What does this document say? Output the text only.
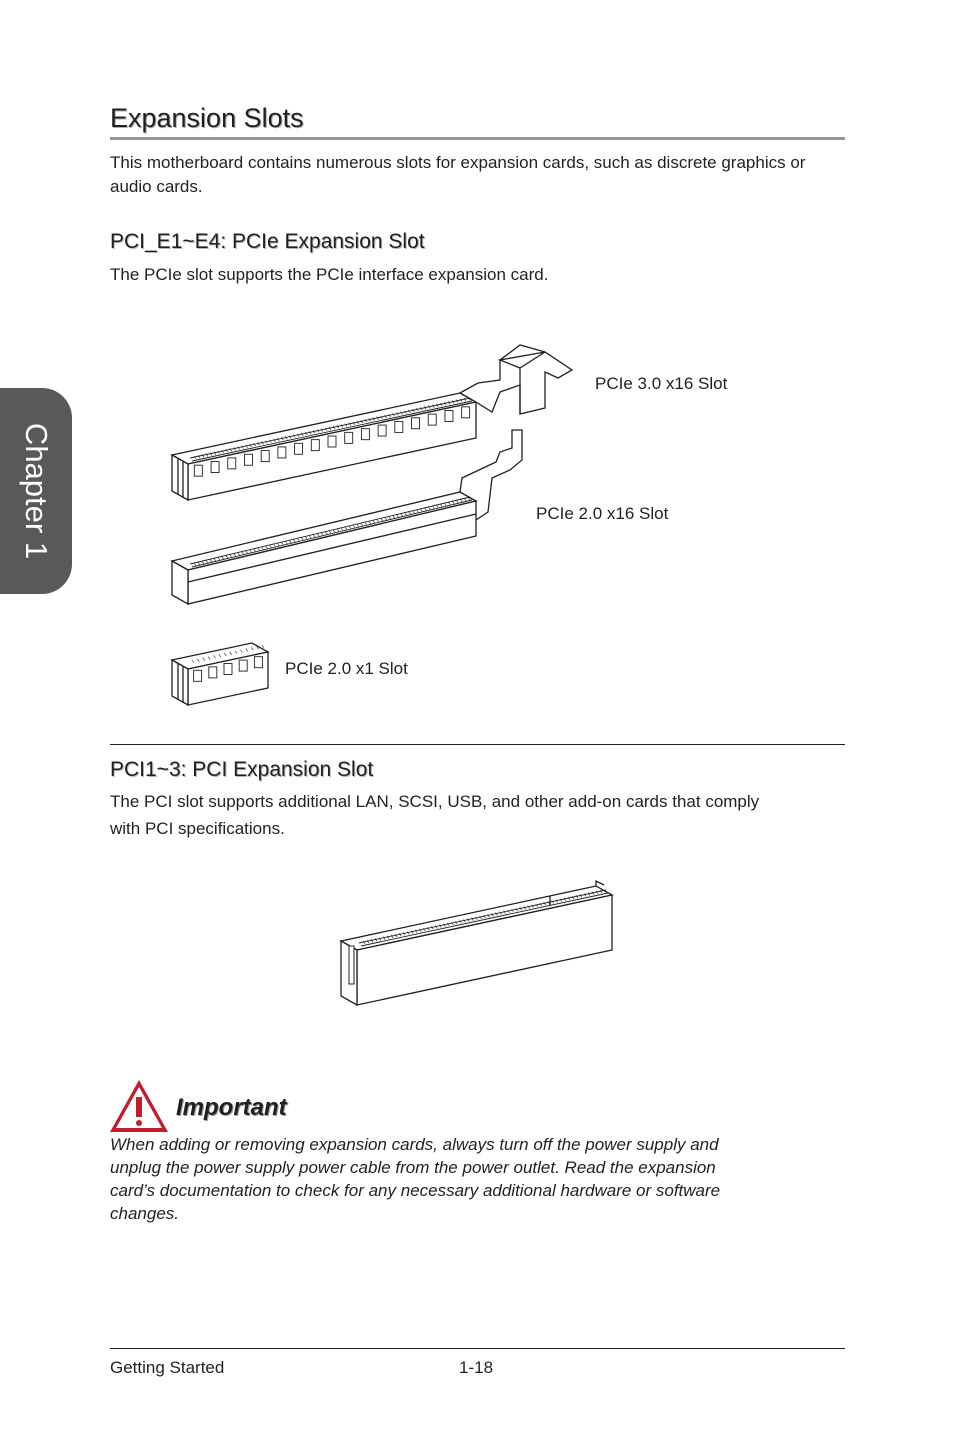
Chapter 1
Expansion Slots
This motherboard contains numerous slots for expansion cards, such as discrete graphics or audio cards.
PCI_E1~E4: PCIe Expansion Slot
The PCIe slot supports the PCIe interface expansion card.
PCIe 3.0 x16 Slot
PCIe 2.0 x16 Slot
PCIe 2.0 x1 Slot
PCI1~3: PCI Expansion Slot
The PCI slot supports additional LAN, SCSI, USB, and other add-on cards that comply
with PCI specifications.
Important
When adding or removing expansion cards, always turn off the power supply and
unplug the power supply power cable from the power outlet. Read the expansion
card’s documentation to check for any necessary additional hardware or software
changes.
Getting Started	1-18
